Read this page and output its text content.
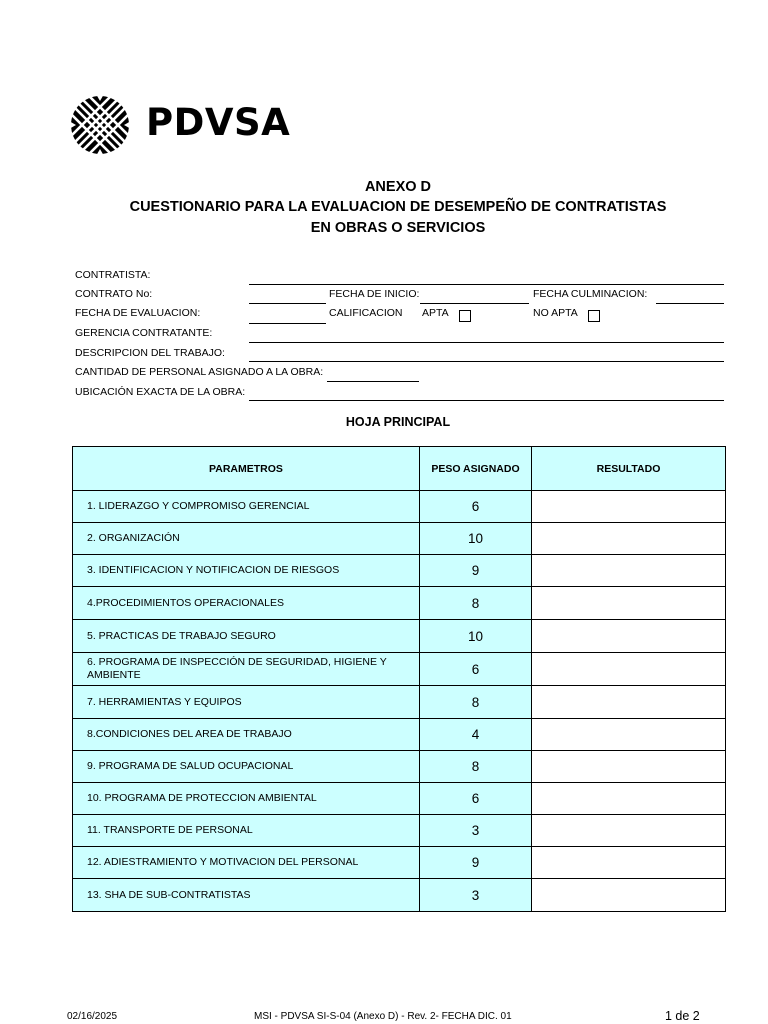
PDVSA
ANEXO D
CUESTIONARIO PARA LA EVALUACION DE DESEMPEÑO DE CONTRATISTAS
EN OBRAS O SERVICIOS
CONTRATISTA:
CONTRATO No:	FECHA DE INICIO:	FECHA CULMINACION:
FECHA DE EVALUACION:	CALIFICACION APTA	NO APTA
GERENCIA CONTRATANTE:
DESCRIPCION DEL TRABAJO:
CANTIDAD DE PERSONAL ASIGNADO A LA OBRA:
UBICACIÓN EXACTA DE LA OBRA:
HOJA PRINCIPAL
PARAMETROS	PESO ASIGNADO	RESULTADO
1. LIDERAZGO Y COMPROMISO GERENCIAL	6	
2. ORGANIZACIÓN	10	
3. IDENTIFICACION Y NOTIFICACION DE RIESGOS	9	
4.PROCEDIMIENTOS OPERACIONALES	8	
5. PRACTICAS DE TRABAJO SEGURO	10	
6. PROGRAMA DE INSPECCIÓN DE SEGURIDAD, HIGIENE Y AMBIENTE	6	
7. HERRAMIENTAS Y EQUIPOS	8	
8.CONDICIONES DEL AREA DE TRABAJO	4	
9. PROGRAMA DE SALUD OCUPACIONAL	8	
10. PROGRAMA DE PROTECCION AMBIENTAL	6	
11. TRANSPORTE DE PERSONAL	3	
12. ADIESTRAMIENTO Y MOTIVACION DEL PERSONAL	9	
13. SHA DE SUB-CONTRATISTAS	3	
02/16/2025	MSI - PDVSA SI-S-04 (Anexo D) - Rev. 2- FECHA DIC. 01	1 de 2
